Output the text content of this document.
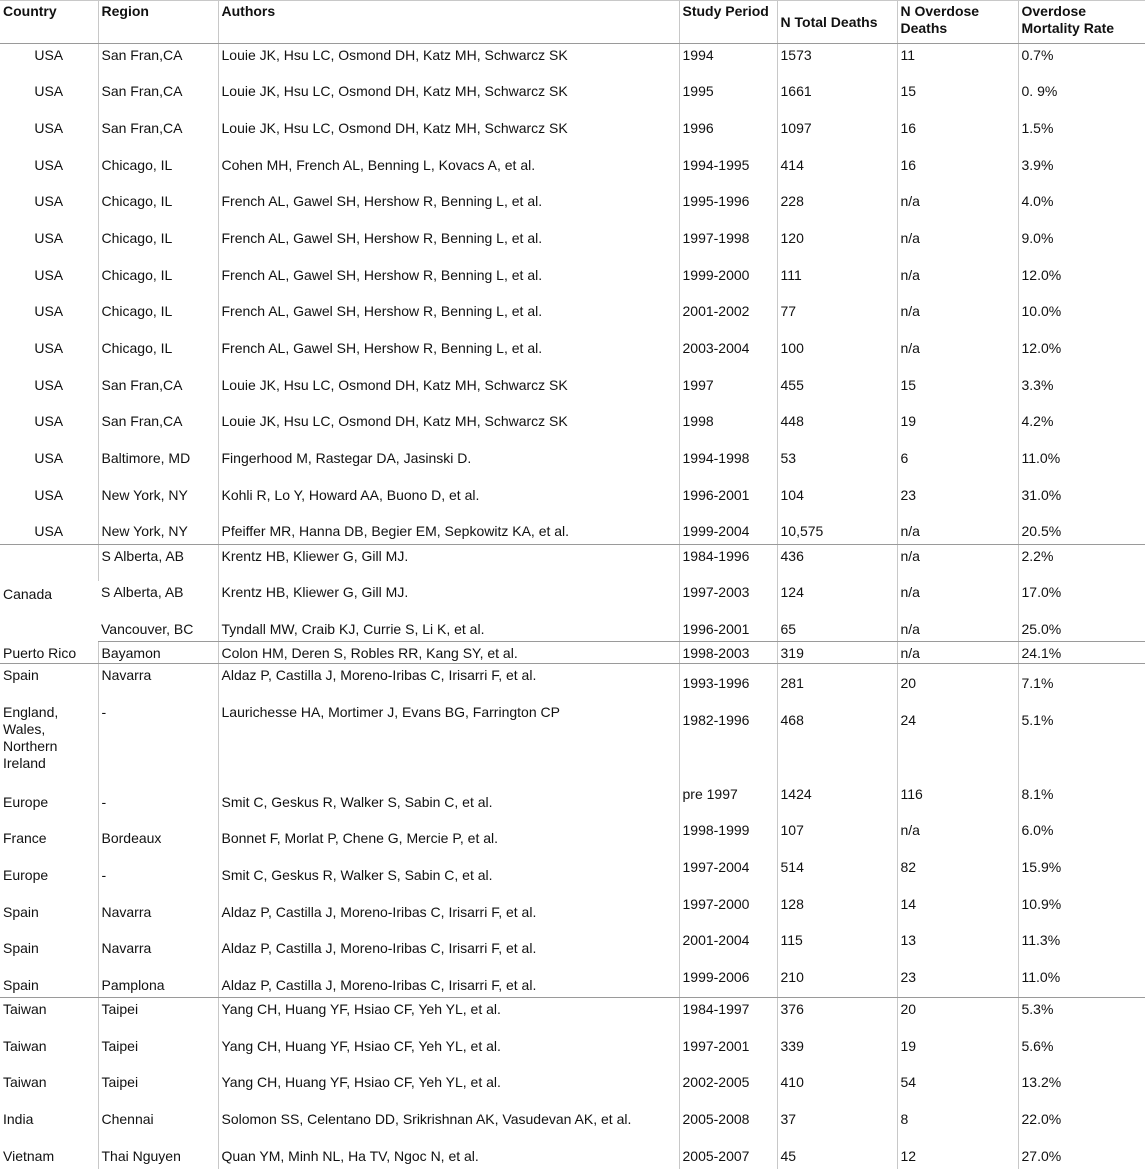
Country	Region	Authors	Study Period	N Total Deaths	N Overdose Deaths	Overdose Mortality Rate
USA	San Fran,CA	Louie JK, Hsu LC, Osmond DH, Katz MH, Schwarcz SK	1994	1573	11	0.7%
USA	San Fran,CA	Louie JK, Hsu LC, Osmond DH, Katz MH, Schwarcz SK	1995	1661	15	0. 9%
USA	San Fran,CA	Louie JK, Hsu LC, Osmond DH, Katz MH, Schwarcz SK	1996	1097	16	1.5%
USA	Chicago, IL	Cohen MH, French AL, Benning L, Kovacs A, et al.	1994-1995	414	16	3.9%
USA	Chicago, IL	French AL, Gawel SH, Hershow R, Benning L, et al.	1995-1996	228	n/a	4.0%
USA	Chicago, IL	French AL, Gawel SH, Hershow R, Benning L, et al.	1997-1998	120	n/a	9.0%
USA	Chicago, IL	French AL, Gawel SH, Hershow R, Benning L, et al.	1999-2000	111	n/a	12.0%
USA	Chicago, IL	French AL, Gawel SH, Hershow R, Benning L, et al.	2001-2002	77	n/a	10.0%
USA	Chicago, IL	French AL, Gawel SH, Hershow R, Benning L, et al.	2003-2004	100	n/a	12.0%
USA	San Fran,CA	Louie JK, Hsu LC, Osmond DH, Katz MH, Schwarcz SK	1997	455	15	3.3%
USA	San Fran,CA	Louie JK, Hsu LC, Osmond DH, Katz MH, Schwarcz SK	1998	448	19	4.2%
USA	Baltimore, MD	Fingerhood M, Rastegar DA, Jasinski D.	1994-1998	53	6	11.0%
USA	New York, NY	Kohli R, Lo Y, Howard AA, Buono D, et al.	1996-2001	104	23	31.0%
USA	New York, NY	Pfeiffer MR, Hanna DB, Begier EM, Sepkowitz KA, et al.	1999-2004	10,575	n/a	20.5%
Canada	S Alberta, AB	Krentz HB, Kliewer G, Gill MJ.	1984-1996	436	n/a	2.2%
	S Alberta, AB	Krentz HB, Kliewer G, Gill MJ.	1997-2003	124	n/a	17.0%
	Vancouver, BC	Tyndall MW, Craib KJ, Currie S, Li K, et al.	1996-2001	65	n/a	25.0%
Puerto Rico	Bayamon	Colon HM, Deren S, Robles RR, Kang SY, et al.	1998-2003	319	n/a	24.1%
Spain	Navarra	Aldaz P, Castilla J, Moreno-Iribas C, Irisarri F, et al.	1993-1996	281	20	7.1%
England, Wales, Northern Ireland	-	Laurichesse HA, Mortimer J, Evans BG, Farrington CP	1982-1996	468	24	5.1%
Europe	-	Smit C, Geskus R, Walker S, Sabin C, et al.	pre 1997	1424	116	8.1%
France	Bordeaux	Bonnet F, Morlat P, Chene G, Mercie P, et al.	1998-1999	107	n/a	6.0%
Europe	-	Smit C, Geskus R, Walker S, Sabin C, et al.	1997-2004	514	82	15.9%
Spain	Navarra	Aldaz P, Castilla J, Moreno-Iribas C, Irisarri F, et al.	1997-2000	128	14	10.9%
Spain	Navarra	Aldaz P, Castilla J, Moreno-Iribas C, Irisarri F, et al.	2001-2004	115	13	11.3%
Spain	Pamplona	Aldaz P, Castilla J, Moreno-Iribas C, Irisarri F, et al.	1999-2006	210	23	11.0%
Taiwan	Taipei	Yang CH, Huang YF, Hsiao CF, Yeh YL, et al.	1984-1997	376	20	5.3%
Taiwan	Taipei	Yang CH, Huang YF, Hsiao CF, Yeh YL, et al.	1997-2001	339	19	5.6%
Taiwan	Taipei	Yang CH, Huang YF, Hsiao CF, Yeh YL, et al.	2002-2005	410	54	13.2%
India	Chennai	Solomon SS, Celentano DD, Srikrishnan AK, Vasudevan AK, et al.	2005-2008	37	8	22.0%
Vietnam	Thai Nguyen	Quan YM, Minh NL, Ha TV, Ngoc N, et al.	2005-2007	45	12	27.0%
